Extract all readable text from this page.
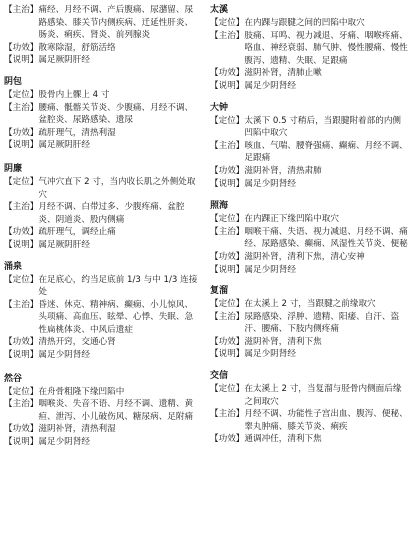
【主治】 痛经、月经不调、产后腹痛、尿潴留、尿路感染、膝关节内侧疾病、迁延性肝炎、肠炎、痢疾、肾炎、前列腺炎
【功效】 散寒除湿，舒筋活络
【说明】 属足厥阴肝经
阴包
【定位】 股骨内上髁上 4 寸
【主治】 腰痛、骶髂关节炎、少腹痛、月经不调、盆腔炎、尿路感染、遗尿
【功效】 疏肝理气，清热利湿
【说明】 属足厥阴肝经
阴廉
【定位】 气冲穴直下 2 寸，当内收长肌之外侧处取穴
【主治】 月经不调、白带过多、少腹疼痛、盆腔炎、阴道炎、股内侧痛
【功效】 疏肝理气，调经止痛
【说明】 属足厥阴肝经
涌泉
【定位】 在足底心，约当足底前 1/3 与中 1/3 连接处
【主治】 昏迷、休克、精神病、癫痫、小儿惊风、头项痛、高血压、眩晕、心悸、失眠、急性扁桃体炎、中风后遗症
【功效】 清热开窍，交通心肾
【说明】 属足少阴肾经
然谷
【定位】 在舟骨粗隆下缘凹陷中
【主治】 咽喉炎、失音不语、月经不调、遗精、黄疸、泄泻、小儿破伤风、糖尿病、足附痛
【功效】 滋阴补肾，清热利湿
【说明】 属足少阴肾经
太溪
【定位】 在内踝与跟腱之间的凹陷中取穴
【主治】 肢痛、耳鸣、视力减退、牙痛、咽喉疼痛、咯血、神经衰弱、肺气肿、慢性腰痛、慢性腹泻、遗精、失眠、足跟痛
【功效】 滋阴补肾，清肺止嗽
【说明】 属足少阴肾经
大钟
【定位】 太溪下 0.5 寸稍后，当跟腱附着部的内侧凹陷中取穴
【主治】 咳血、气喘、腰脊强痛、癫痫、月经不调、足跟痛
【功效】 滋阴补肾，清热肃肺
【说明】 属足少阴肾经
照海
【定位】 在内踝正下缘凹陷中取穴
【主治】 咽喉干痛、失语、视力减退、月经不调、痛经、尿路感染、癫痫、风湿性关节炎、便秘
【功效】 滋阴补肾，清利下焦，清心安神
【说明】 属足少阴肾经
复溜
【定位】 在太溪上 2 寸，当跟腱之前缘取穴
【主治】 尿路感染、浮肿、遗精、阳痿、自汗、盗汗、腰痛、下肢内侧疼痛
【功效】 滋阴补肾，清利下焦
【说明】 属足少阴肾经
交信
【定位】 在太溪上 2 寸，当复溜与胫骨内侧面后缘之间取穴
【主治】 月经不调、功能性子宫出血、腹泻、便秘、睾丸肿痛、膝关节炎、痢疾
【功效】 通调冲任，清利下焦
